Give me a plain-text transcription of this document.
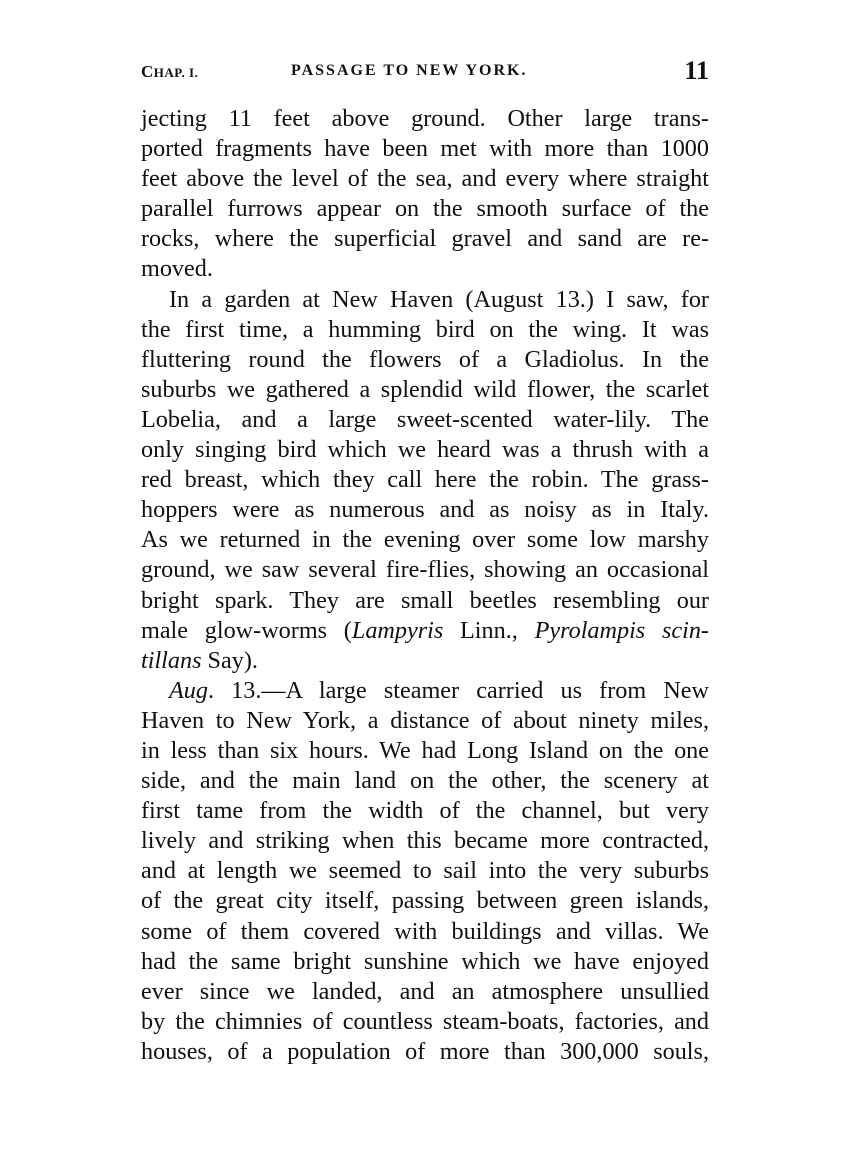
CHAP. I.	PASSAGE TO NEW YORK.	11
jecting 11 feet above ground. Other large trans-
ported fragments have been met with more than 1000
feet above the level of the sea, and every where straight
parallel furrows appear on the smooth surface of the
rocks, where the superficial gravel and sand are re-
moved.
In a garden at New Haven (August 13.) I saw, for
the first time, a humming bird on the wing. It was
fluttering round the flowers of a Gladiolus. In the
suburbs we gathered a splendid wild flower, the scarlet
Lobelia, and a large sweet-scented water-lily. The
only singing bird which we heard was a thrush with a
red breast, which they call here the robin. The grass-
hoppers were as numerous and as noisy as in Italy.
As we returned in the evening over some low marshy
ground, we saw several fire-flies, showing an occasional
bright spark. They are small beetles resembling our
male glow-worms (Lampyris Linn., Pyrolampis scin-
tillans Say).
Aug. 13.—A large steamer carried us from New
Haven to New York, a distance of about ninety miles,
in less than six hours. We had Long Island on the one
side, and the main land on the other, the scenery at
first tame from the width of the channel, but very
lively and striking when this became more contracted,
and at length we seemed to sail into the very suburbs
of the great city itself, passing between green islands,
some of them covered with buildings and villas. We
had the same bright sunshine which we have enjoyed
ever since we landed, and an atmosphere unsullied
by the chimnies of countless steam-boats, factories, and
houses, of a population of more than 300,000 souls,
